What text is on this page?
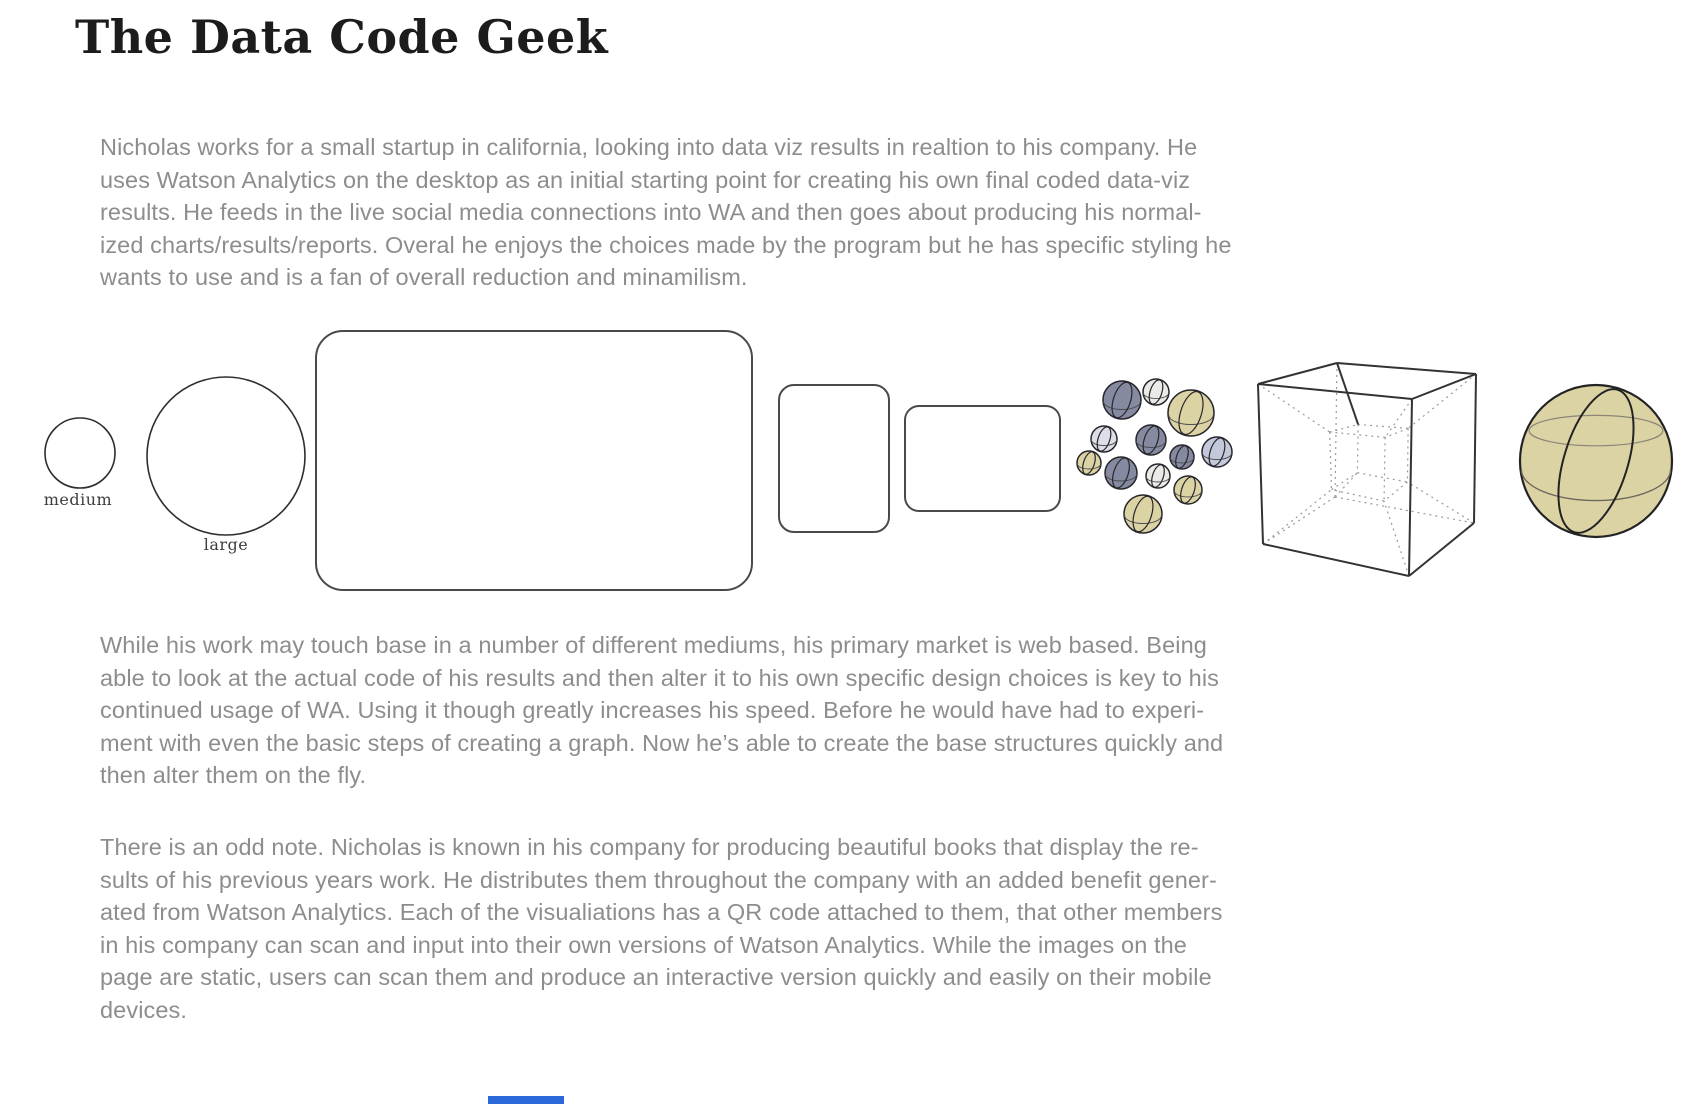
The Data Code Geek
Nicholas works for a small startup in california, looking into data viz results in realtion to his company. He
uses Watson Analytics on the desktop as an initial starting point for creating his own final coded data-viz
results. He feeds in the live social media connections into WA and then goes about producing his normal-
ized charts/results/reports. Overal he enjoys the choices made by the program but he has specific styling he
wants to use and is a fan of overall reduction and minamilism.
medium
large
While his work may touch base in a number of different mediums, his primary market is web based. Being
able to look at the actual code of his results and then alter it to his own specific design choices is key to his
continued usage of WA. Using it though greatly increases his speed. Before he would have had to experi-
ment with even the basic steps of creating a graph. Now he’s able to create the base structures quickly and
then alter them on the fly.
There is an odd note. Nicholas is known in his company for producing beautiful books that display the re-
sults of his previous years work. He distributes them throughout the company with an added benefit gener-
ated from Watson Analytics. Each of the visualiations has a QR code attached to them, that other members
in his company can scan and input into their own versions of Watson Analytics. While the images on the
page are static, users can scan them and produce an interactive version quickly and easily on their mobile
devices.
